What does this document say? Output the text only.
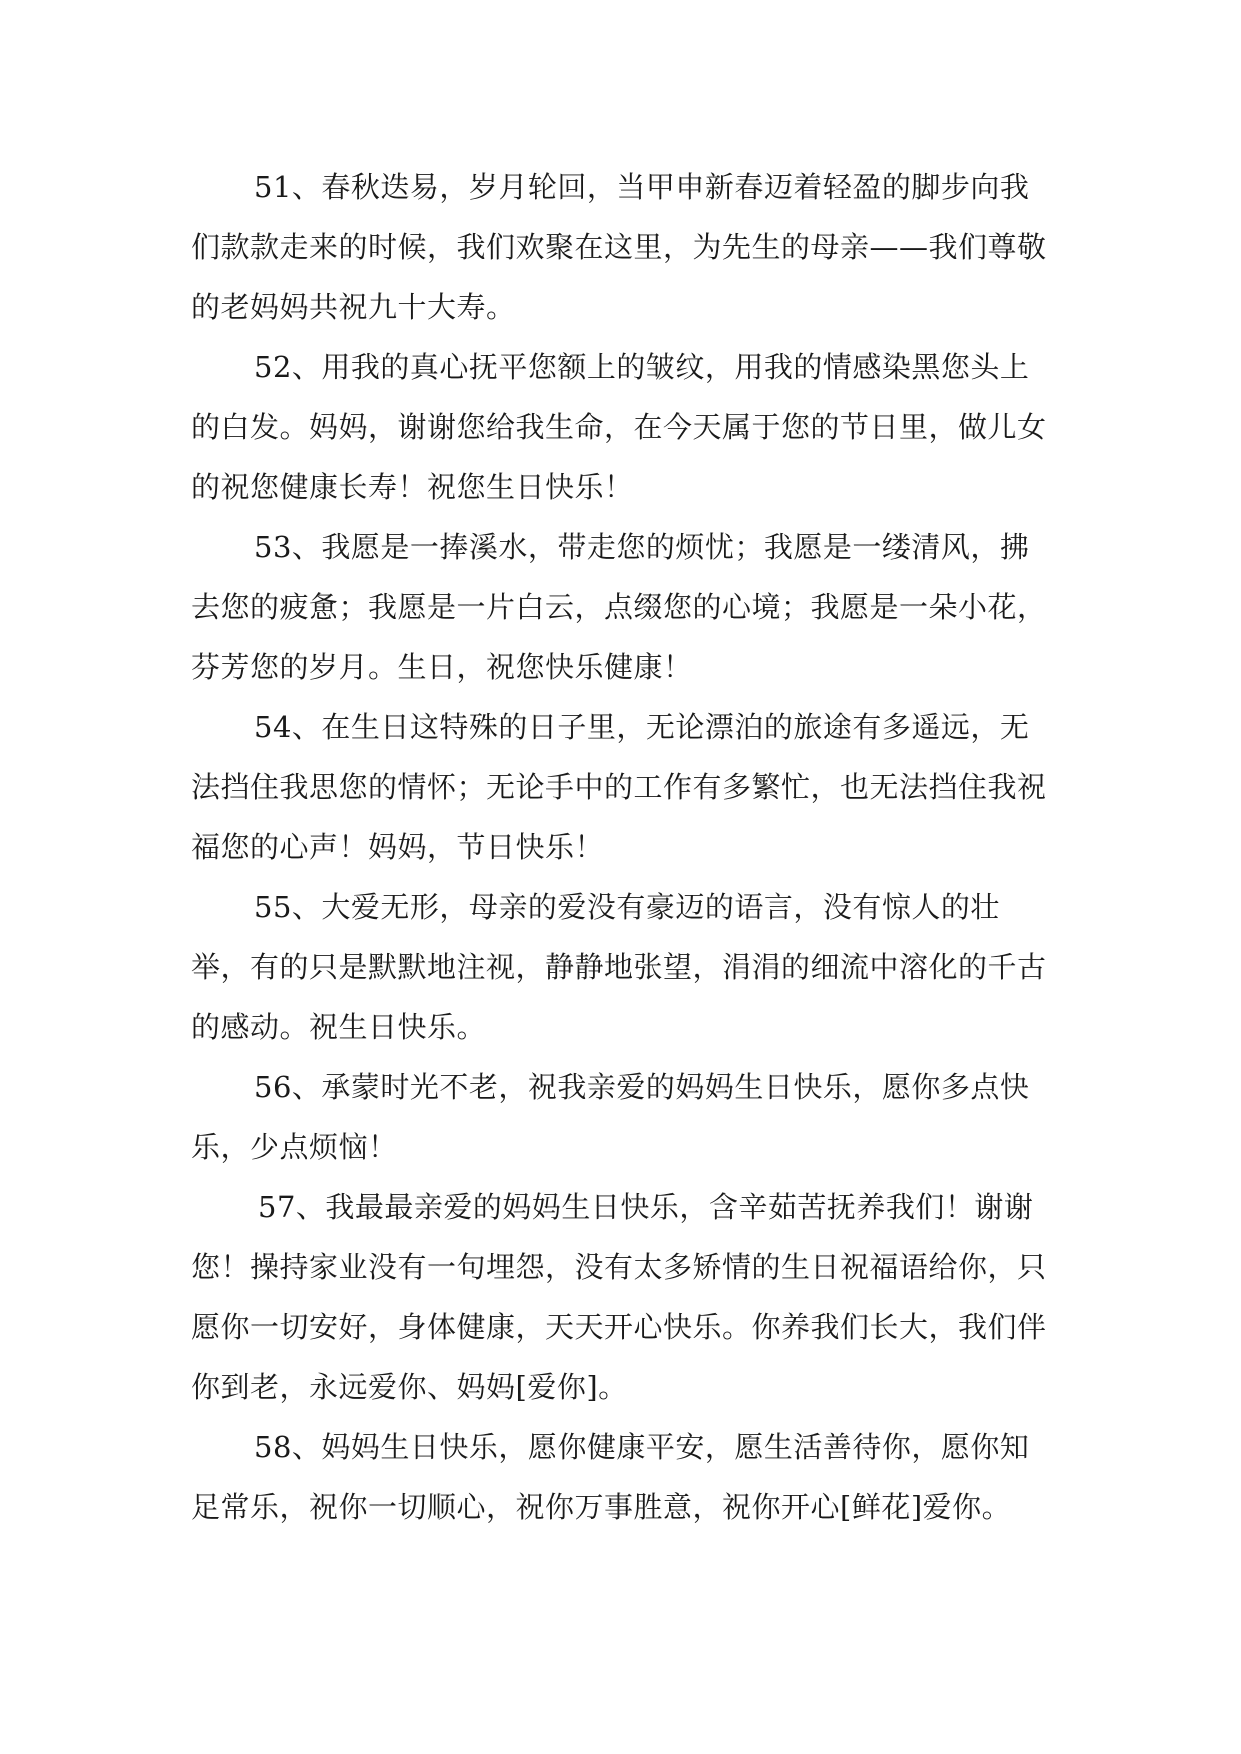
51、春秋迭易，岁月轮回，当甲申新春迈着轻盈的脚步向我们款款走来的时候，我们欢聚在这里，为先生的母亲——我们尊敬的老妈妈共祝九十大寿。

52、用我的真心抚平您额上的皱纹，用我的情感染黑您头上的白发。妈妈，谢谢您给我生命，在今天属于您的节日里，做儿女的祝您健康长寿！祝您生日快乐！

53、我愿是一捧溪水，带走您的烦忧；我愿是一缕清风，拂去您的疲惫；我愿是一片白云，点缀您的心境；我愿是一朵小花，芬芳您的岁月。生日，祝您快乐健康！

54、在生日这特殊的日子里，无论漂泊的旅途有多遥远，无法挡住我思您的情怀；无论手中的工作有多繁忙，也无法挡住我祝福您的心声！妈妈，节日快乐！

55、大爱无形，母亲的爱没有豪迈的语言，没有惊人的壮举，有的只是默默地注视，静静地张望，涓涓的细流中溶化的千古的感动。祝生日快乐。

56、承蒙时光不老，祝我亲爱的妈妈生日快乐，愿你多点快乐，少点烦恼！

57、我最最亲爱的妈妈生日快乐，含辛茹苦抚养我们！谢谢您！操持家业没有一句埋怨，没有太多矫情的生日祝福语给你，只愿你一切安好，身体健康，天天开心快乐。你养我们长大，我们伴你到老，永远爱你、妈妈[爱你]。

58、妈妈生日快乐，愿你健康平安，愿生活善待你，愿你知足常乐，祝你一切顺心，祝你万事胜意，祝你开心[鲜花]爱你。
